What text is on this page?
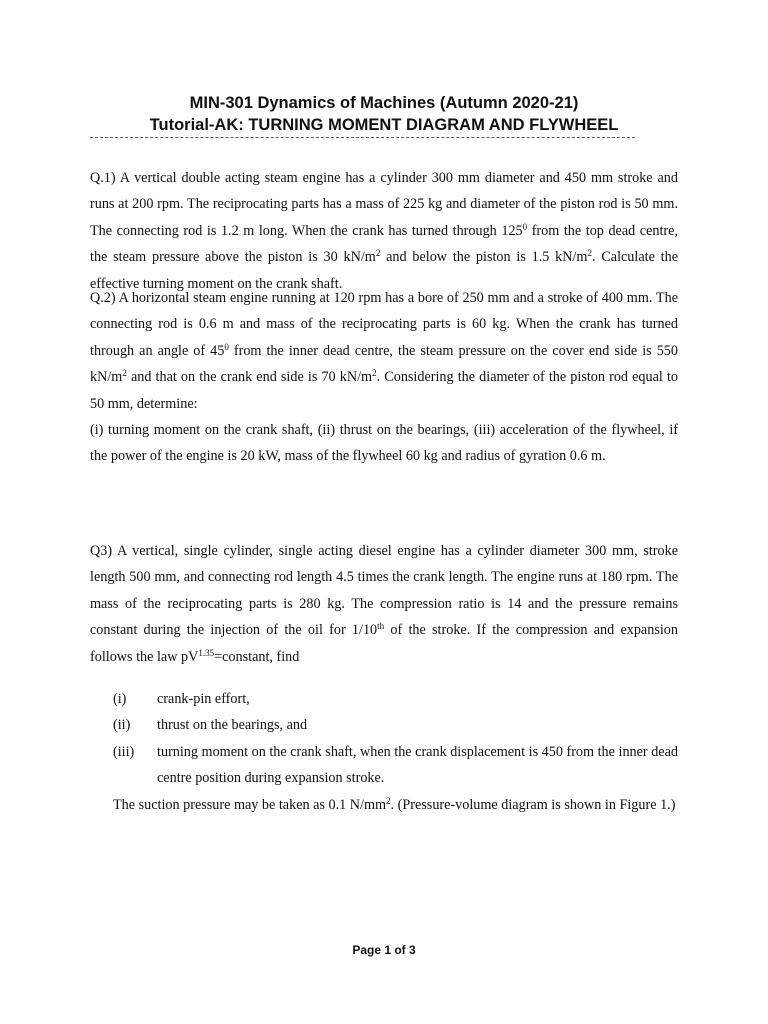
MIN-301 Dynamics of Machines (Autumn 2020-21)
Tutorial-AK: TURNING MOMENT DIAGRAM AND FLYWHEEL

Q.1) A vertical double acting steam engine has a cylinder 300 mm diameter and 450 mm stroke and runs at 200 rpm. The reciprocating parts has a mass of 225 kg and diameter of the piston rod is 50 mm. The connecting rod is 1.2 m long. When the crank has turned through $125^0$ from the top dead centre, the steam pressure above the piston is 30 $kN/m^2$ and below the piston is 1.5 $kN/m^2$. Calculate the effective turning moment on the crank shaft.

Q.2) A horizontal steam engine running at 120 rpm has a bore of 250 mm and a stroke of 400 mm. The connecting rod is 0.6 m and mass of the reciprocating parts is 60 kg. When the crank has turned through an angle of $45^0$ from the inner dead centre, the steam pressure on the cover end side is 550 $kN/m^2$ and that on the crank end side is 70 $kN/m^2$. Considering the diameter of the piston rod equal to 50 mm, determine:

(i) turning moment on the crank shaft, (ii) thrust on the bearings, (iii) acceleration of the flywheel, if the power of the engine is 20 kW, mass of the flywheel 60 kg and radius of gyration 0.6 m.

Q3) A vertical, single cylinder, single acting diesel engine has a cylinder diameter 300 mm, stroke length 500 mm, and connecting rod length 4.5 times the crank length. The engine runs at 180 rpm. The mass of the reciprocating parts is 280 kg. The compression ratio is 14 and the pressure remains constant during the injection of the oil for 1/10th of the stroke. If the compression and expansion follows the law $pV^{1.35}=constant$, find

(i)	crank-pin effort,
(ii)	thrust on the bearings, and
(iii)	turning moment on the crank shaft, when the crank displacement is 450 from the inner dead centre position during expansion stroke.
The suction pressure may be taken as 0.1 $N/mm^2$. (Pressure-volume diagram is shown in Figure 1.)
Page 1 of 3
